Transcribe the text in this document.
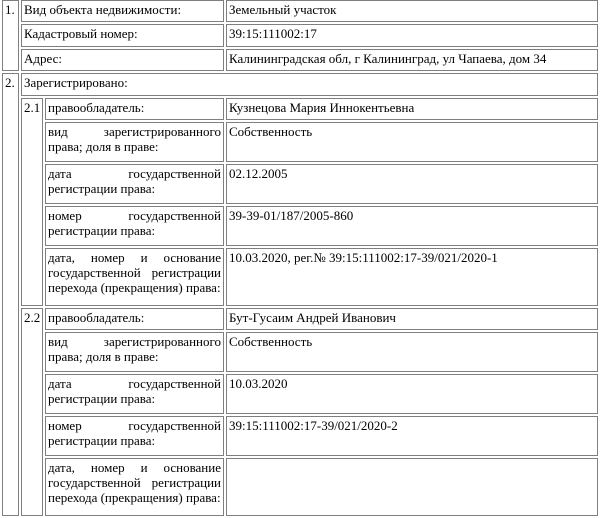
1.	Вид объекта недвижимости:		Земельный участок
	Кадастровый номер:		39:15:111002:17
	Адрес:		Калининградская обл, г Калининград, ул Чапаева, дом 34
2.	Зарегистрировано:		
	2.1	правообладатель:	Кузнецова Мария Иннокентьевна
		вид зарегистрированного права; доля в праве:	Собственность
		дата государственной регистрации права:	02.12.2005
		номер государственной регистрации права:	39-39-01/187/2005-860
		дата, номер и основание государственной регистрации перехода (прекращения) права:	10.03.2020, рег.№ 39:15:111002:17-39/021/2020-1
	2.2	правообладатель:	Бут-Гусаим Андрей Иванович
		вид зарегистрированного права; доля в праве:	Собственность
		дата государственной регистрации права:	10.03.2020
		номер государственной регистрации права:	39:15:111002:17-39/021/2020-2
		дата, номер и основание государственной регистрации перехода (прекращения) права:	
